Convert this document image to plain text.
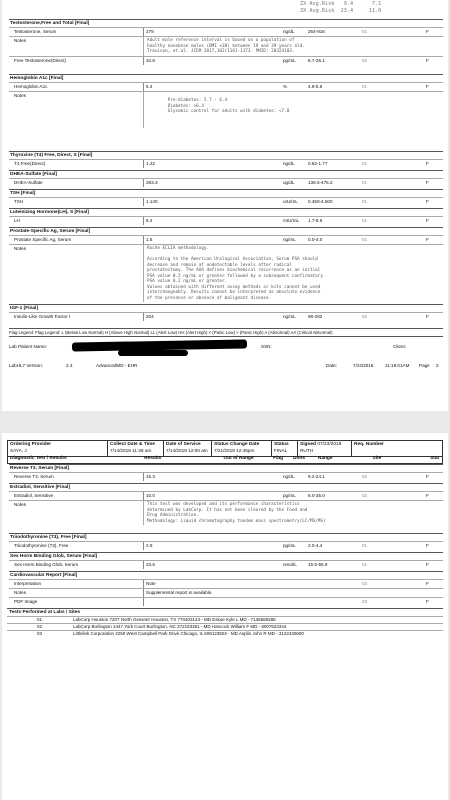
ZX Avg.Risk   9.4      7.1
3X Avg.Risk  23.4     11.0
Testosterone,Free and Total [Final]
Testosterone, Serum	279	ng/dL	264-916	01	F
Notes	Adult male reference interval is based on a population of
healthy nonobese males (BMI <30) between 19 and 39 years old.
Travison, et.al. JCEM 2017,102(1161-1173. PMID: 28324103.
Free Testosterone(Direct)	10.8	pg/mL	8.7-25.1	02	F
Hemoglobin A1c [Final]
Hemoglobin A1c	5.4	%	4.8-5.6	01	F
Notes
Pre-diabetes: 5.7 - 6.4
Diabetes: >6.4
Glycemic control for adults with diabetes: <7.0
Thyroxine (T4) Free, Direct, S [Final]
T4,Free(Direct)	1.22	ng/dL	0.82-1.77	01	F
DHEA-Sulfate [Final]
DHEA-Sulfate	283.3	ug/dL	138.5-475.2	01	F
TSH [Final]
TSH	1.140	uIU/mL	0.450-4.500	01	F
Luteinizing Hormone(LH), S [Final]
LH	6.4	mIU/mL	1.7-8.6	01	F
Prostate-Specific Ag, Serum [Final]
Prostate Specific Ag, Serum	1.5	ng/mL	0.0-4.0	01	F
Notes	Roche ECLIA methodology.

According to the American Urological Association, Serum PSA should
decrease and remain at undetectable levels after radical
prostatectomy. The AUA defines biochemical recurrence as an initial
PSA value 0.2 ng/mL or greater followed by a subsequent confirmatory
PSA value 0.2 ng/mL or greater.
Values obtained with different assay methods or kits cannot be used
interchangeably. Results cannot be interpreted as absolute evidence
of the presence or absence of malignant disease.
IGF-1 [Final]
Insulin-Like Growth Factor I	204	ng/mL	98-282	02	F
Flag Legend: Flag Legend: L (Below Low Normal) H (Above High Normal) LL (Alert Low) HH (Alert High) < (Panic Low) > (Panic High) A (Abnormal) AA (Critical Abnormal)
Lab Patient Name:	SSN:	Client:
LabHL7 Version:	2.3	AdvancedMD - EHR	Date:	7/23/2018	11:18:01AM Page 2
Ordering Provider
SAYA, J
Collect Date & Time
7/14/2018 11:29 am
Date of Service
7/14/2018 12:00 am
Status Change Date
7/21/2018 12:45pm
Status
FINAL
Signed 07/23/2018
RUTH
Req. Number
Diagnostic Test / Results	Results	Out of Range	Flag	Units	Range	Site	Stat
Reverse T3, Serum [Final]
Reverse T3, Serum	15.3	ng/dL	9.2-24.1	02	F
Estradiol, Sensitive [Final]
Estradiol, Sensitive	10.0	pg/mL	8.0-35.0	02	F
Notes	This test was developed and its performance characteristics
determined by LabCorp. It has not been cleared by the Food and
Drug Administration.
Methodology: Liquid chromatography tandem mass spectrometry(LC/MS/MS)
Triiodothyronine (T3), Free [Final]
Triiodothyronine (T3), Free	2.9	pg/mL	2.0-4.4	01	F
Sex Horm Binding Glob, Serum [Final]
Sex Horm Binding Glob, Serum	23.6	nmol/L	16.5-55.9	01	F
Cardiovascular Report [Final]
Interpretation	Note	03	F
Notes	Supplemental report is available.
PDF Image	03	F
Tests Performed at Labs / Sites
01	LabCorp Houston 7207 North Gessner Houston, TX 770403143 - MD Eskue Kyle L MD - 7136568288
02	LabCorp Burlington 1447 York Court Burlington, NC 272153361 - MD Hancock William F MD - 8007624344
03	Littlelink Corporation 2250 West Campbell Park Drive Chicago, IL 606123502 - MD Asplin John R MD - 3122430600
